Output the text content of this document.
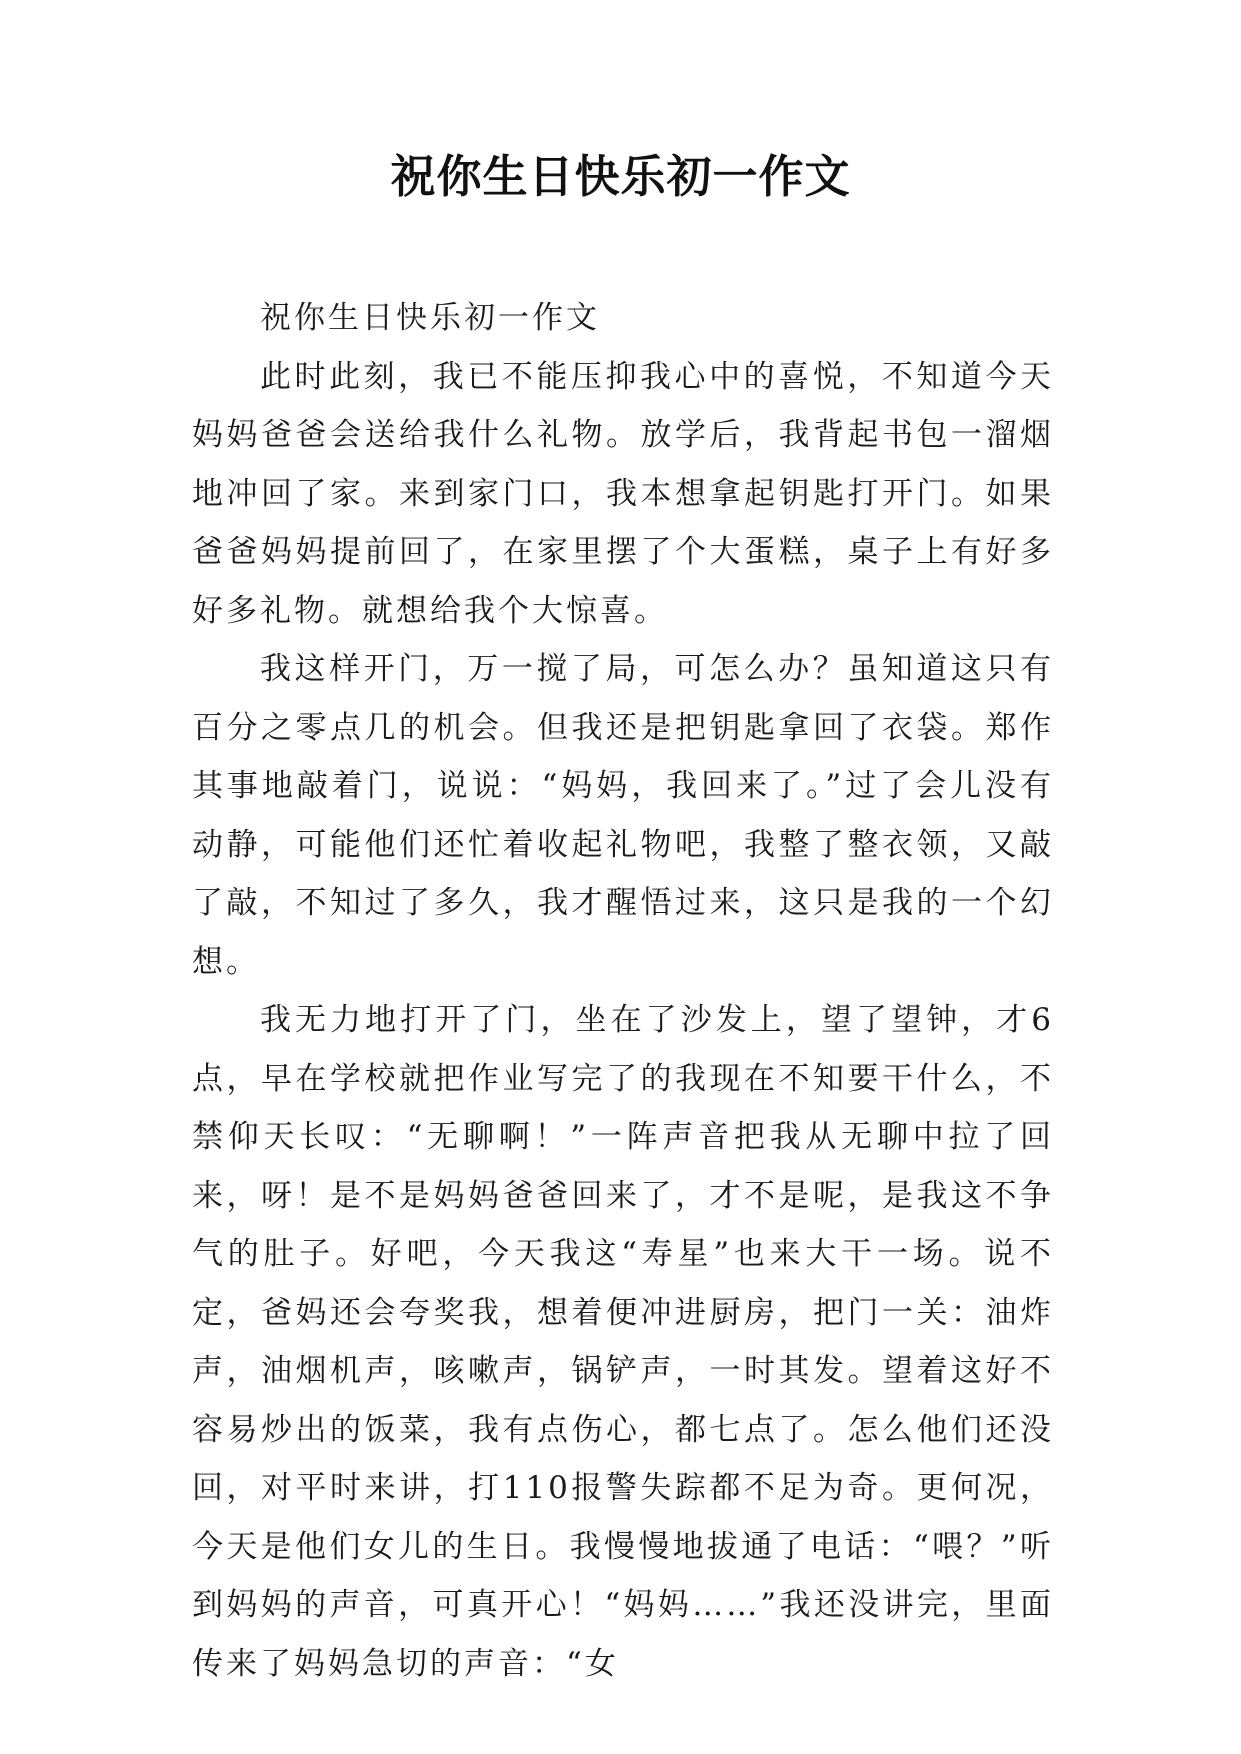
祝你生日快乐初一作文

祝你生日快乐初一作文

此时此刻，我已不能压抑我心中的喜悦，不知道今天妈妈爸爸会送给我什么礼物。放学后，我背起书包一溜烟地冲回了家。来到家门口，我本想拿起钥匙打开门。如果爸爸妈妈提前回了，在家里摆了个大蛋糕，桌子上有好多好多礼物。就想给我个大惊喜。

我这样开门，万一搅了局，可怎么办？虽知道这只有百分之零点几的机会。但我还是把钥匙拿回了衣袋。郑作其事地敲着门，说说：“妈妈，我回来了。”过了会儿没有动静，可能他们还忙着收起礼物吧，我整了整衣领，又敲了敲，不知过了多久，我才醒悟过来，这只是我的一个幻想。

我无力地打开了门，坐在了沙发上，望了望钟，才6点，早在学校就把作业写完了的我现在不知要干什么，不禁仰天长叹：“无聊啊！”一阵声音把我从无聊中拉了回来，呀！是不是妈妈爸爸回来了，才不是呢，是我这不争气的肚子。好吧，今天我这“寿星”也来大干一场。说不定，爸妈还会夸奖我，想着便冲进厨房，把门一关：油炸声，油烟机声，咳嗽声，锅铲声，一时其发。望着这好不容易炒出的饭菜，我有点伤心，都七点了。怎么他们还没回，对平时来讲，打110报警失踪都不足为奇。更何况，今天是他们女儿的生日。我慢慢地拔通了电话：“喂？”听到妈妈的声音，可真开心！“妈妈……”我还没讲完，里面传来了妈妈急切的声音：“女
